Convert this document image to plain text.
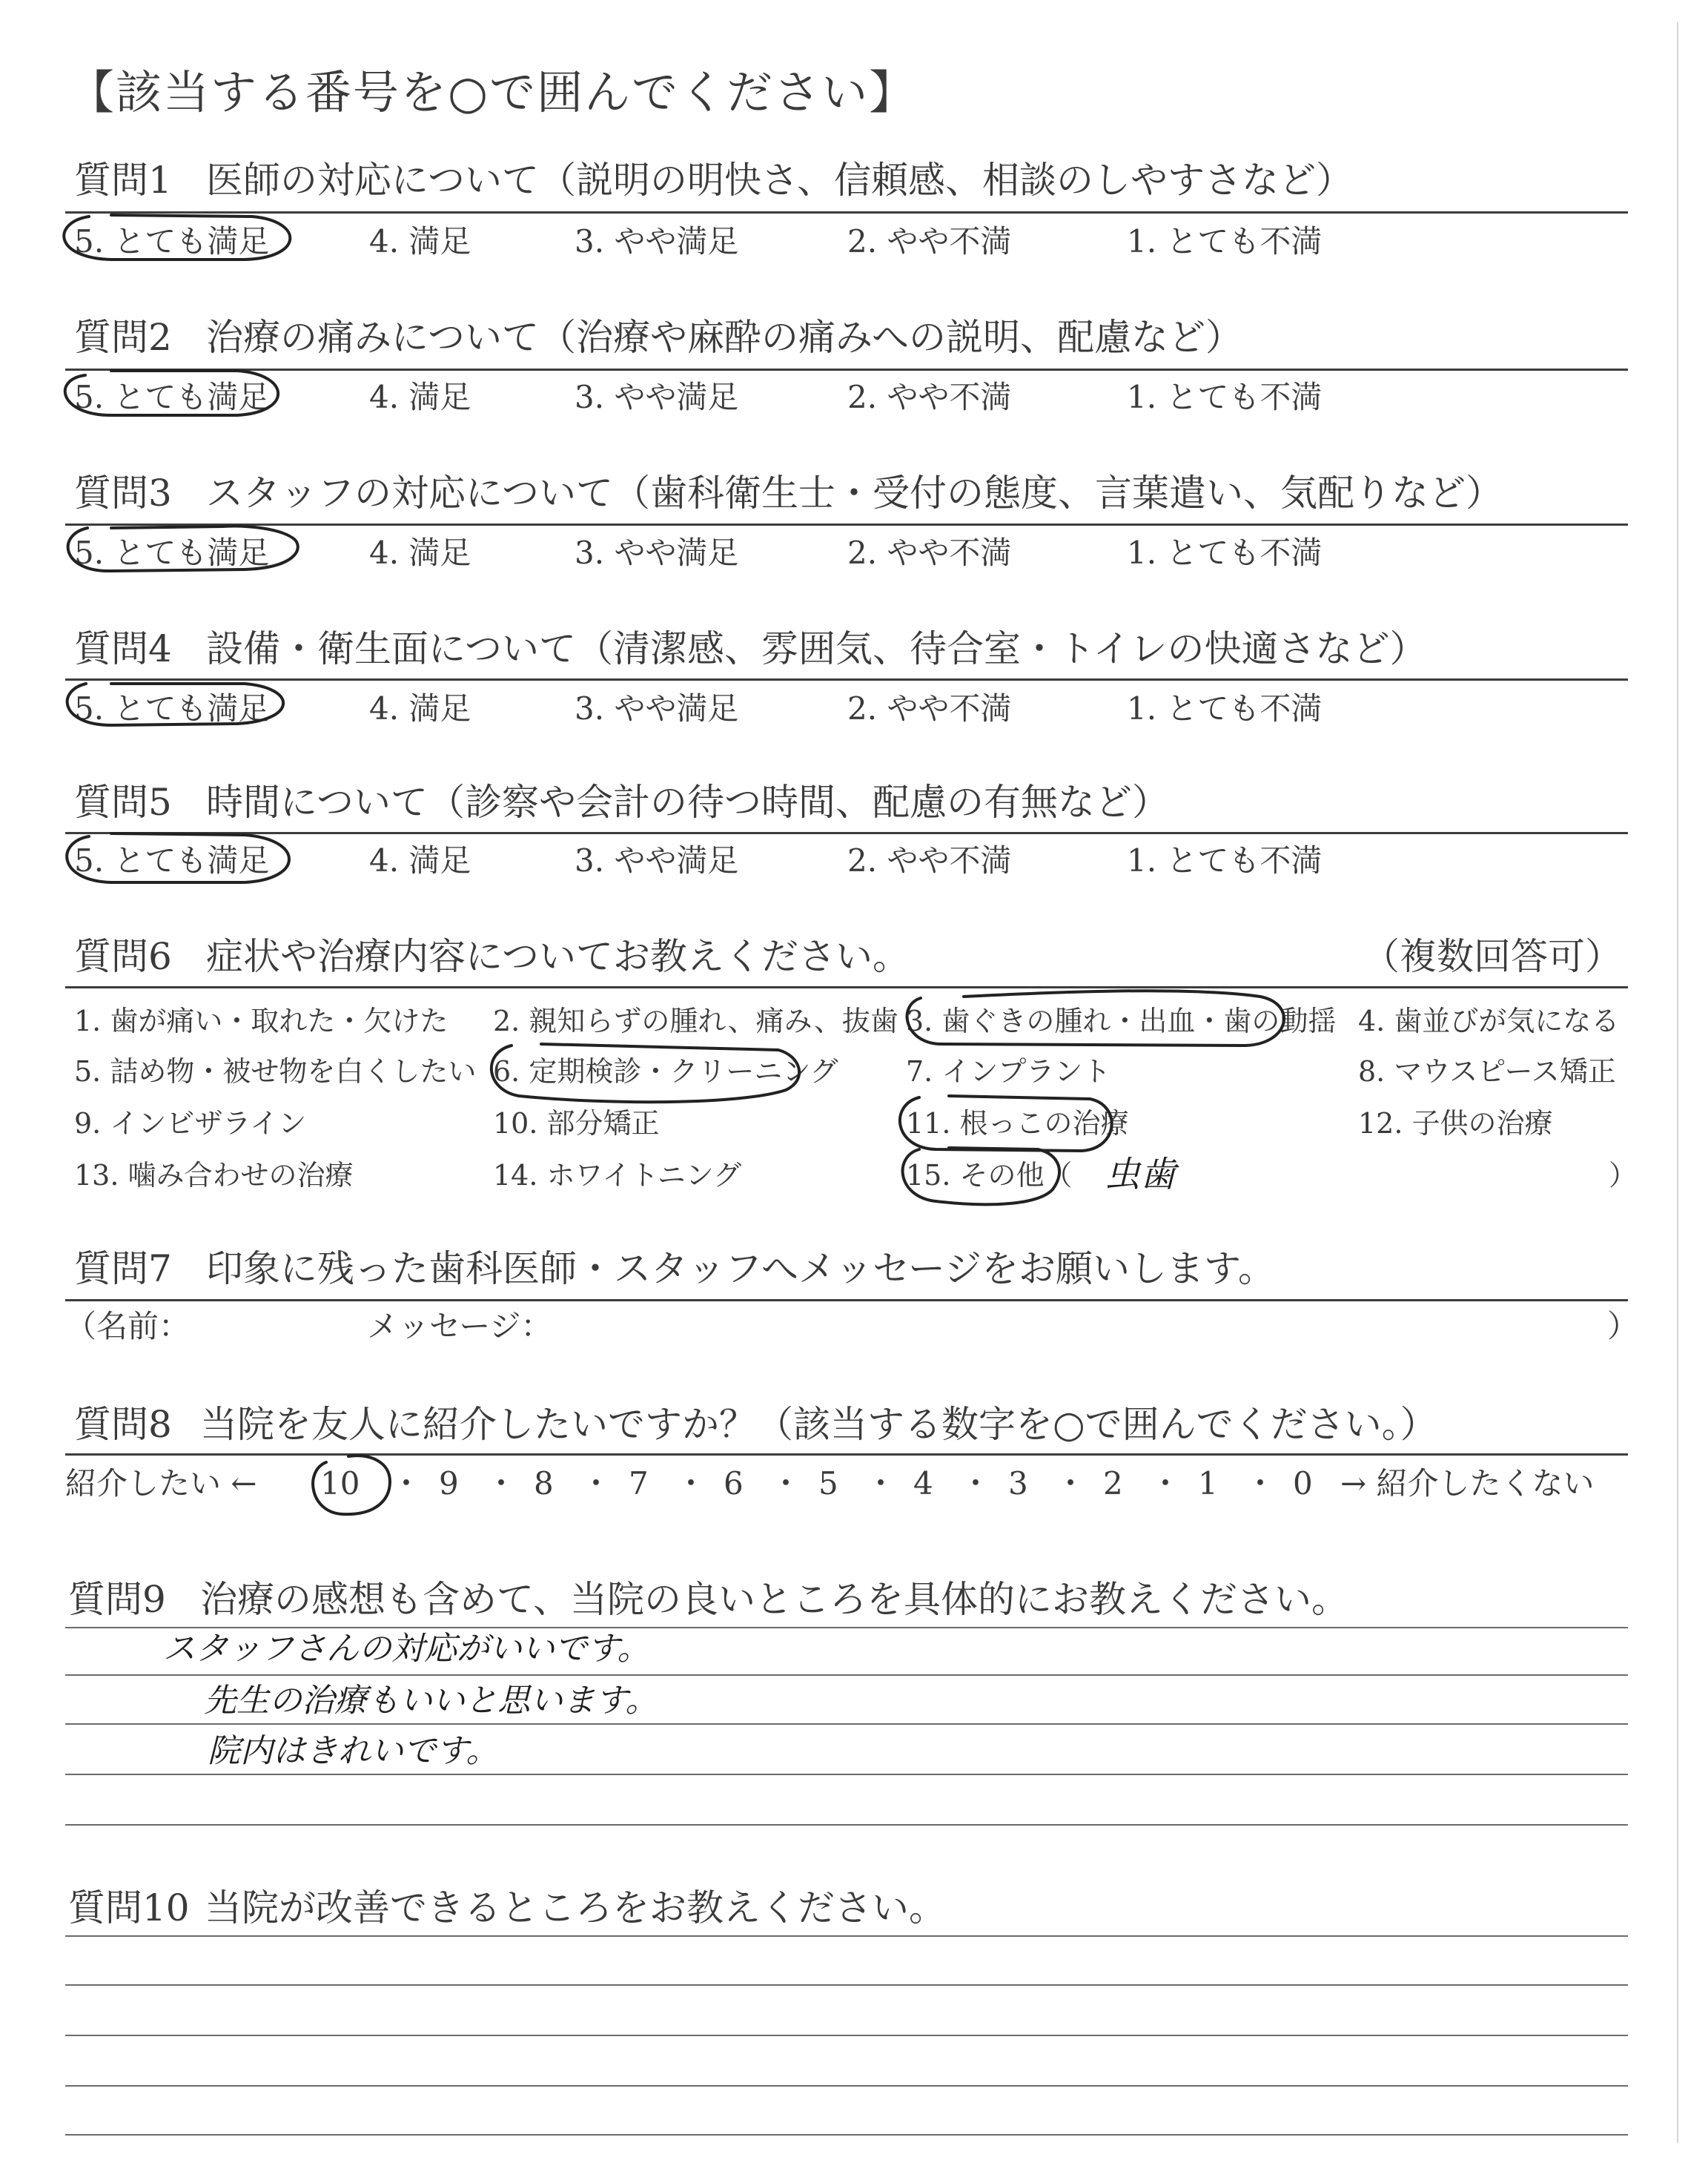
【該当する番号を○で囲んでください】
質問1 医師の対応について（説明の明快さ、信頼感、相談のしやすさなど）
5. とても満足	4. 満足	3. やや満足	2. やや不満	1. とても不満
質問2 治療の痛みについて（治療や麻酔の痛みへの説明、配慮など）
5. とても満足	4. 満足	3. やや満足	2. やや不満	1. とても不満
質問3 スタッフの対応について（歯科衛生士・受付の態度、言葉遣い、気配りなど）
5. とても満足	4. 満足	3. やや満足	2. やや不満	1. とても不満
質問4 設備・衛生面について（清潔感、雰囲気、待合室・トイレの快適さなど）
5. とても満足	4. 満足	3. やや満足	2. やや不満	1. とても不満
質問5 時間について（診察や会計の待つ時間、配慮の有無など）
5. とても満足	4. 満足	3. やや満足	2. やや不満	1. とても不満
質問6 症状や治療内容についてお教えください。	（複数回答可）
1. 歯が痛い・取れた・欠けた 2. 親知らずの腫れ、痛み、抜歯 3. 歯ぐきの腫れ・出血・歯の動揺 4. 歯並びが気になる
5. 詰め物・被せ物を白くしたい 6. 定期検診・クリーニング 7. インプラント	8. マウスピース矯正
9. インビザライン	10. 部分矯正	11. 根っこの治療	12. 子供の治療
13. 噛み合わせの治療	14. ホワイトニング	15. その他（ 虫歯	）
質問7 印象に残った歯科医師・スタッフへメッセージをお願いします。
（名前：	メッセージ：	）
質問8 当院を友人に紹介したいですか？（該当する数字を○で囲んでください。）
紹介したい ← 10 ・ 9 ・ 8 ・ 7 ・ 6 ・ 5 ・ 4 ・ 3 ・ 2 ・ 1 ・ 0 → 紹介したくない
質問9 治療の感想も含めて、当院の良いところを具体的にお教えください。
スタッフさんの対応がいいです。
先生の治療もいいと思います。
院内はきれいです。
質問10 当院が改善できるところをお教えください。
